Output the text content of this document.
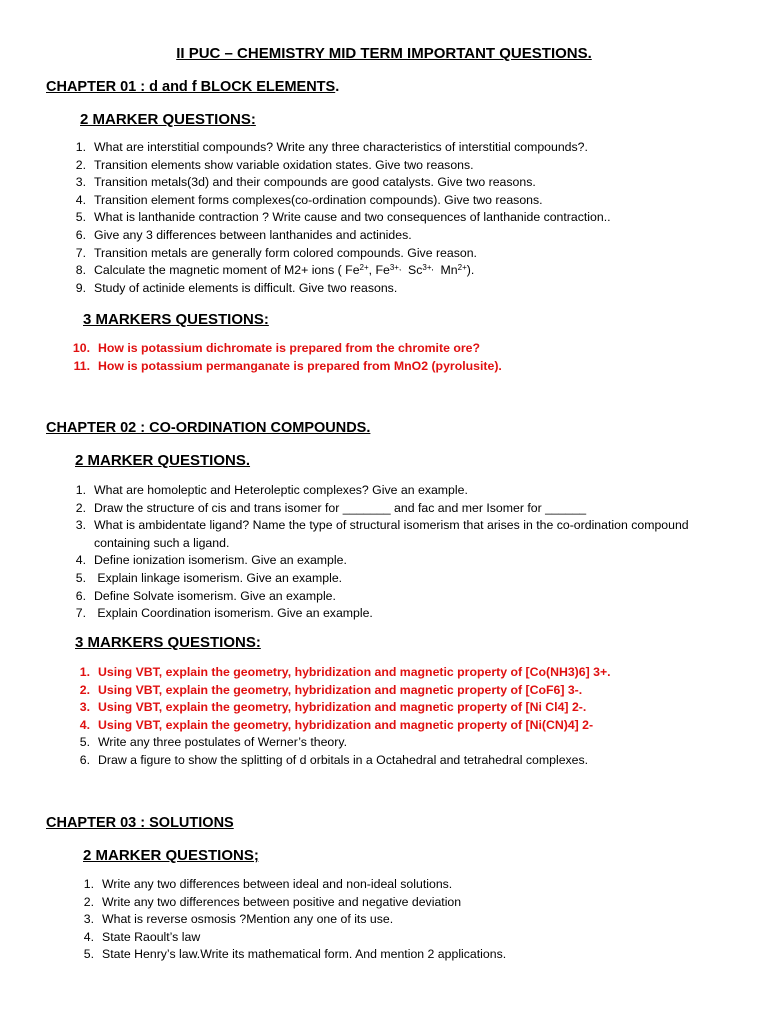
II PUC – CHEMISTRY MID TERM IMPORTANT QUESTIONS.
CHAPTER 01 : d and f BLOCK ELEMENTS.
2 MARKER QUESTIONS:
1. What are interstitial compounds? Write any three characteristics of interstitial compounds?.
2. Transition elements show variable oxidation states. Give two reasons.
3. Transition metals(3d) and their compounds are good catalysts. Give two reasons.
4. Transition element forms complexes(co-ordination compounds). Give two reasons.
5. What is lanthanide contraction ? Write cause and two consequences of lanthanide contraction..
6. Give any 3 differences between lanthanides and actinides.
7. Transition metals are generally form colored compounds. Give reason.
8. Calculate the magnetic moment of M2+ ions ( $Fe^{2+}$, $Fe^{3+,}$  $Sc^{3+,}$  $Mn^{2+}$).
9. Study of actinide elements is difficult. Give two reasons.
3 MARKERS QUESTIONS:
10. How is potassium dichromate is prepared from the chromite ore?
11. How is potassium permanganate is prepared from MnO2 (pyrolusite).
CHAPTER 02 : CO-ORDINATION COMPOUNDS.
2 MARKER QUESTIONS.
1. What are homoleptic and Heteroleptic complexes? Give an example.
2. Draw the structure of cis and trans isomer for _______ and fac and mer Isomer for ______
3. What is ambidentate ligand? Name the type of structural isomerism that arises in the co-ordination compound containing such a ligand.
4. Define ionization isomerism. Give an example.
5. Explain linkage isomerism. Give an example.
6. Define Solvate isomerism. Give an example.
7. Explain Coordination isomerism. Give an example.
3 MARKERS QUESTIONS:
1. Using VBT, explain the geometry, hybridization and magnetic property of [Co(NH3)6] 3+.
2. Using VBT, explain the geometry, hybridization and magnetic property of [CoF6] 3-.
3. Using VBT, explain the geometry, hybridization and magnetic property of [Ni Cl4] 2-.
4. Using VBT, explain the geometry, hybridization and magnetic property of [Ni(CN)4] 2-
5. Write any three postulates of Werner’s theory.
6. Draw a figure to show the splitting of d orbitals in a Octahedral and tetrahedral complexes.
CHAPTER 03 : SOLUTIONS
2 MARKER QUESTIONS;
1. Write any two differences between ideal and non-ideal solutions.
2. Write any two differences between positive and negative deviation
3. What is reverse osmosis ?Mention any one of its use.
4. State Raoult’s law
5. State Henry’s law.Write its mathematical form. And mention 2 applications.
